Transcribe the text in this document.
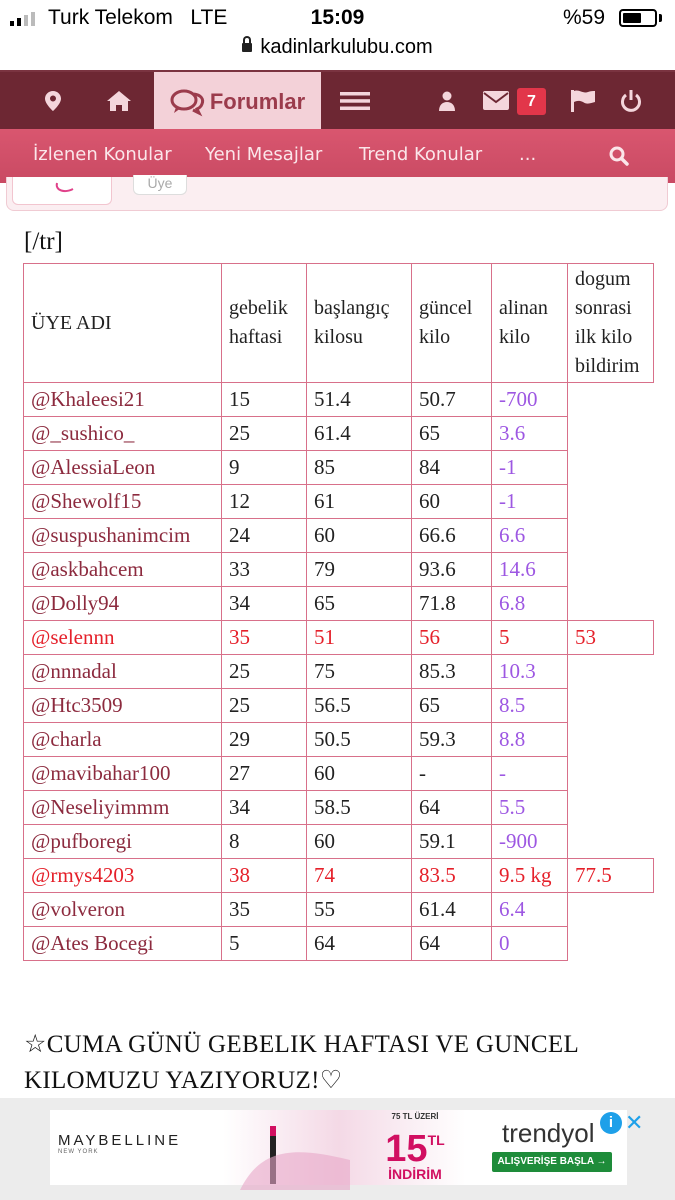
Turk Telekom LTE	15:09	%59
kadinlarkulubu.com
Forumlar	7
İzlenen Konular Yeni Mesajlar Trend Konular ...
Üye
[/tr]
ÜYE ADI	gebelik haftasi	başlangıç kilosu	güncel kilo	alinan kilo	dogum sonrasi ilk kilo bildirim
@Khaleesi21	15	51.4	50.7	-700	
@_sushico_	25	61.4	65	3.6	
@AlessiaLeon	9	85	84	-1	
@Shewolf15	12	61	60	-1	
@suspushanimcim	24	60	66.6	6.6	
@askbahcem	33	79	93.6	14.6	
@Dolly94	34	65	71.8	6.8	
@selennn	35	51	56	5	53
@nnnadal	25	75	85.3	10.3	
@Htc3509	25	56.5	65	8.5	
@charla	29	50.5	59.3	8.8	
@mavibahar100	27	60	-	-	
@Neseliyimmm	34	58.5	64	5.5	
@pufboregi	8	60	59.1	-900	
@rmys4203	38	74	83.5	9.5 kg	77.5
@volveron	35	55	61.4	6.4	
@Ates Bocegi	5	64	64	0	
☆CUMA GÜNÜ GEBELIK HAFTASI VE GUNCEL KILOMUZU YAZIYORUZ!♡
MAYBELLINE
NEW YORK
75 TL ÜZERİ
$15^{TL}$
İNDİRİM
trendyol
ALIŞVERİŞE BAŞLA →
i ✕
